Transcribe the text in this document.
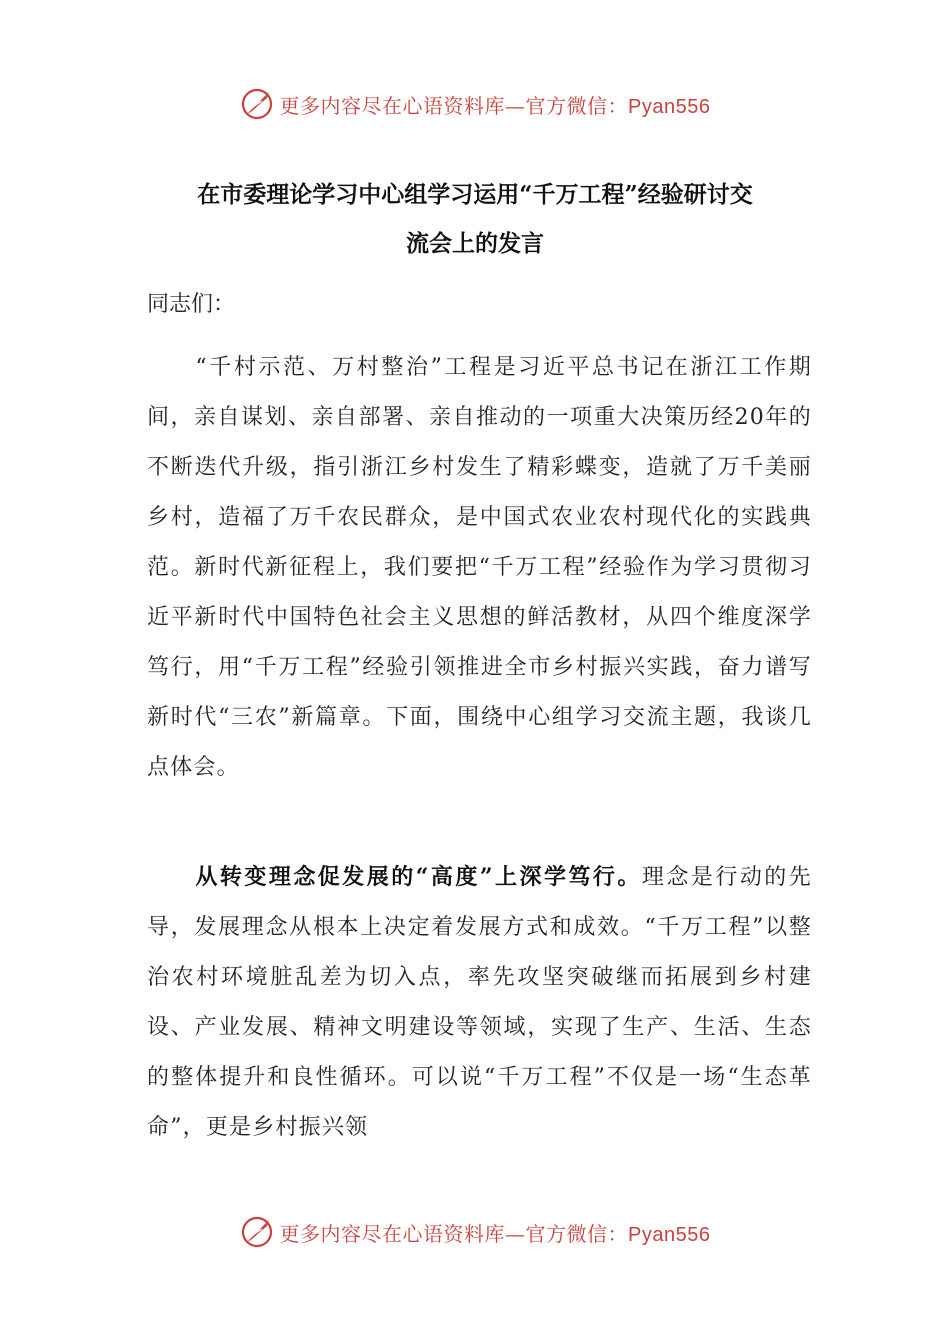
更多内容尽在心语资料库—官方微信：Pyan556
在市委理论学习中心组学习运用“千万工程”经验研讨交
流会上的发言
同志们：
“千村示范、万村整治”工程是习近平总书记在浙江工作期间，亲自谋划、亲自部署、亲自推动的一项重大决策历经20年的不断迭代升级，指引浙江乡村发生了精彩蝶变，造就了万千美丽乡村，造福了万千农民群众，是中国式农业农村现代化的实践典范。新时代新征程上，我们要把“千万工程”经验作为学习贯彻习近平新时代中国特色社会主义思想的鲜活教材，从四个维度深学笃行，用“千万工程”经验引领推进全市乡村振兴实践，奋力谱写新时代“三农”新篇章。下面，围绕中心组学习交流主题，我谈几点体会。
从转变理念促发展的“高度”上深学笃行。理念是行动的先导，发展理念从根本上决定着发展方式和成效。“千万工程”以整治农村环境脏乱差为切入点，率先攻坚突破继而拓展到乡村建设、产业发展、精神文明建设等领域，实现了生产、生活、生态的整体提升和良性循环。可以说“千万工程”不仅是一场“生态革命”，更是乡村振兴领
更多内容尽在心语资料库—官方微信：Pyan556
